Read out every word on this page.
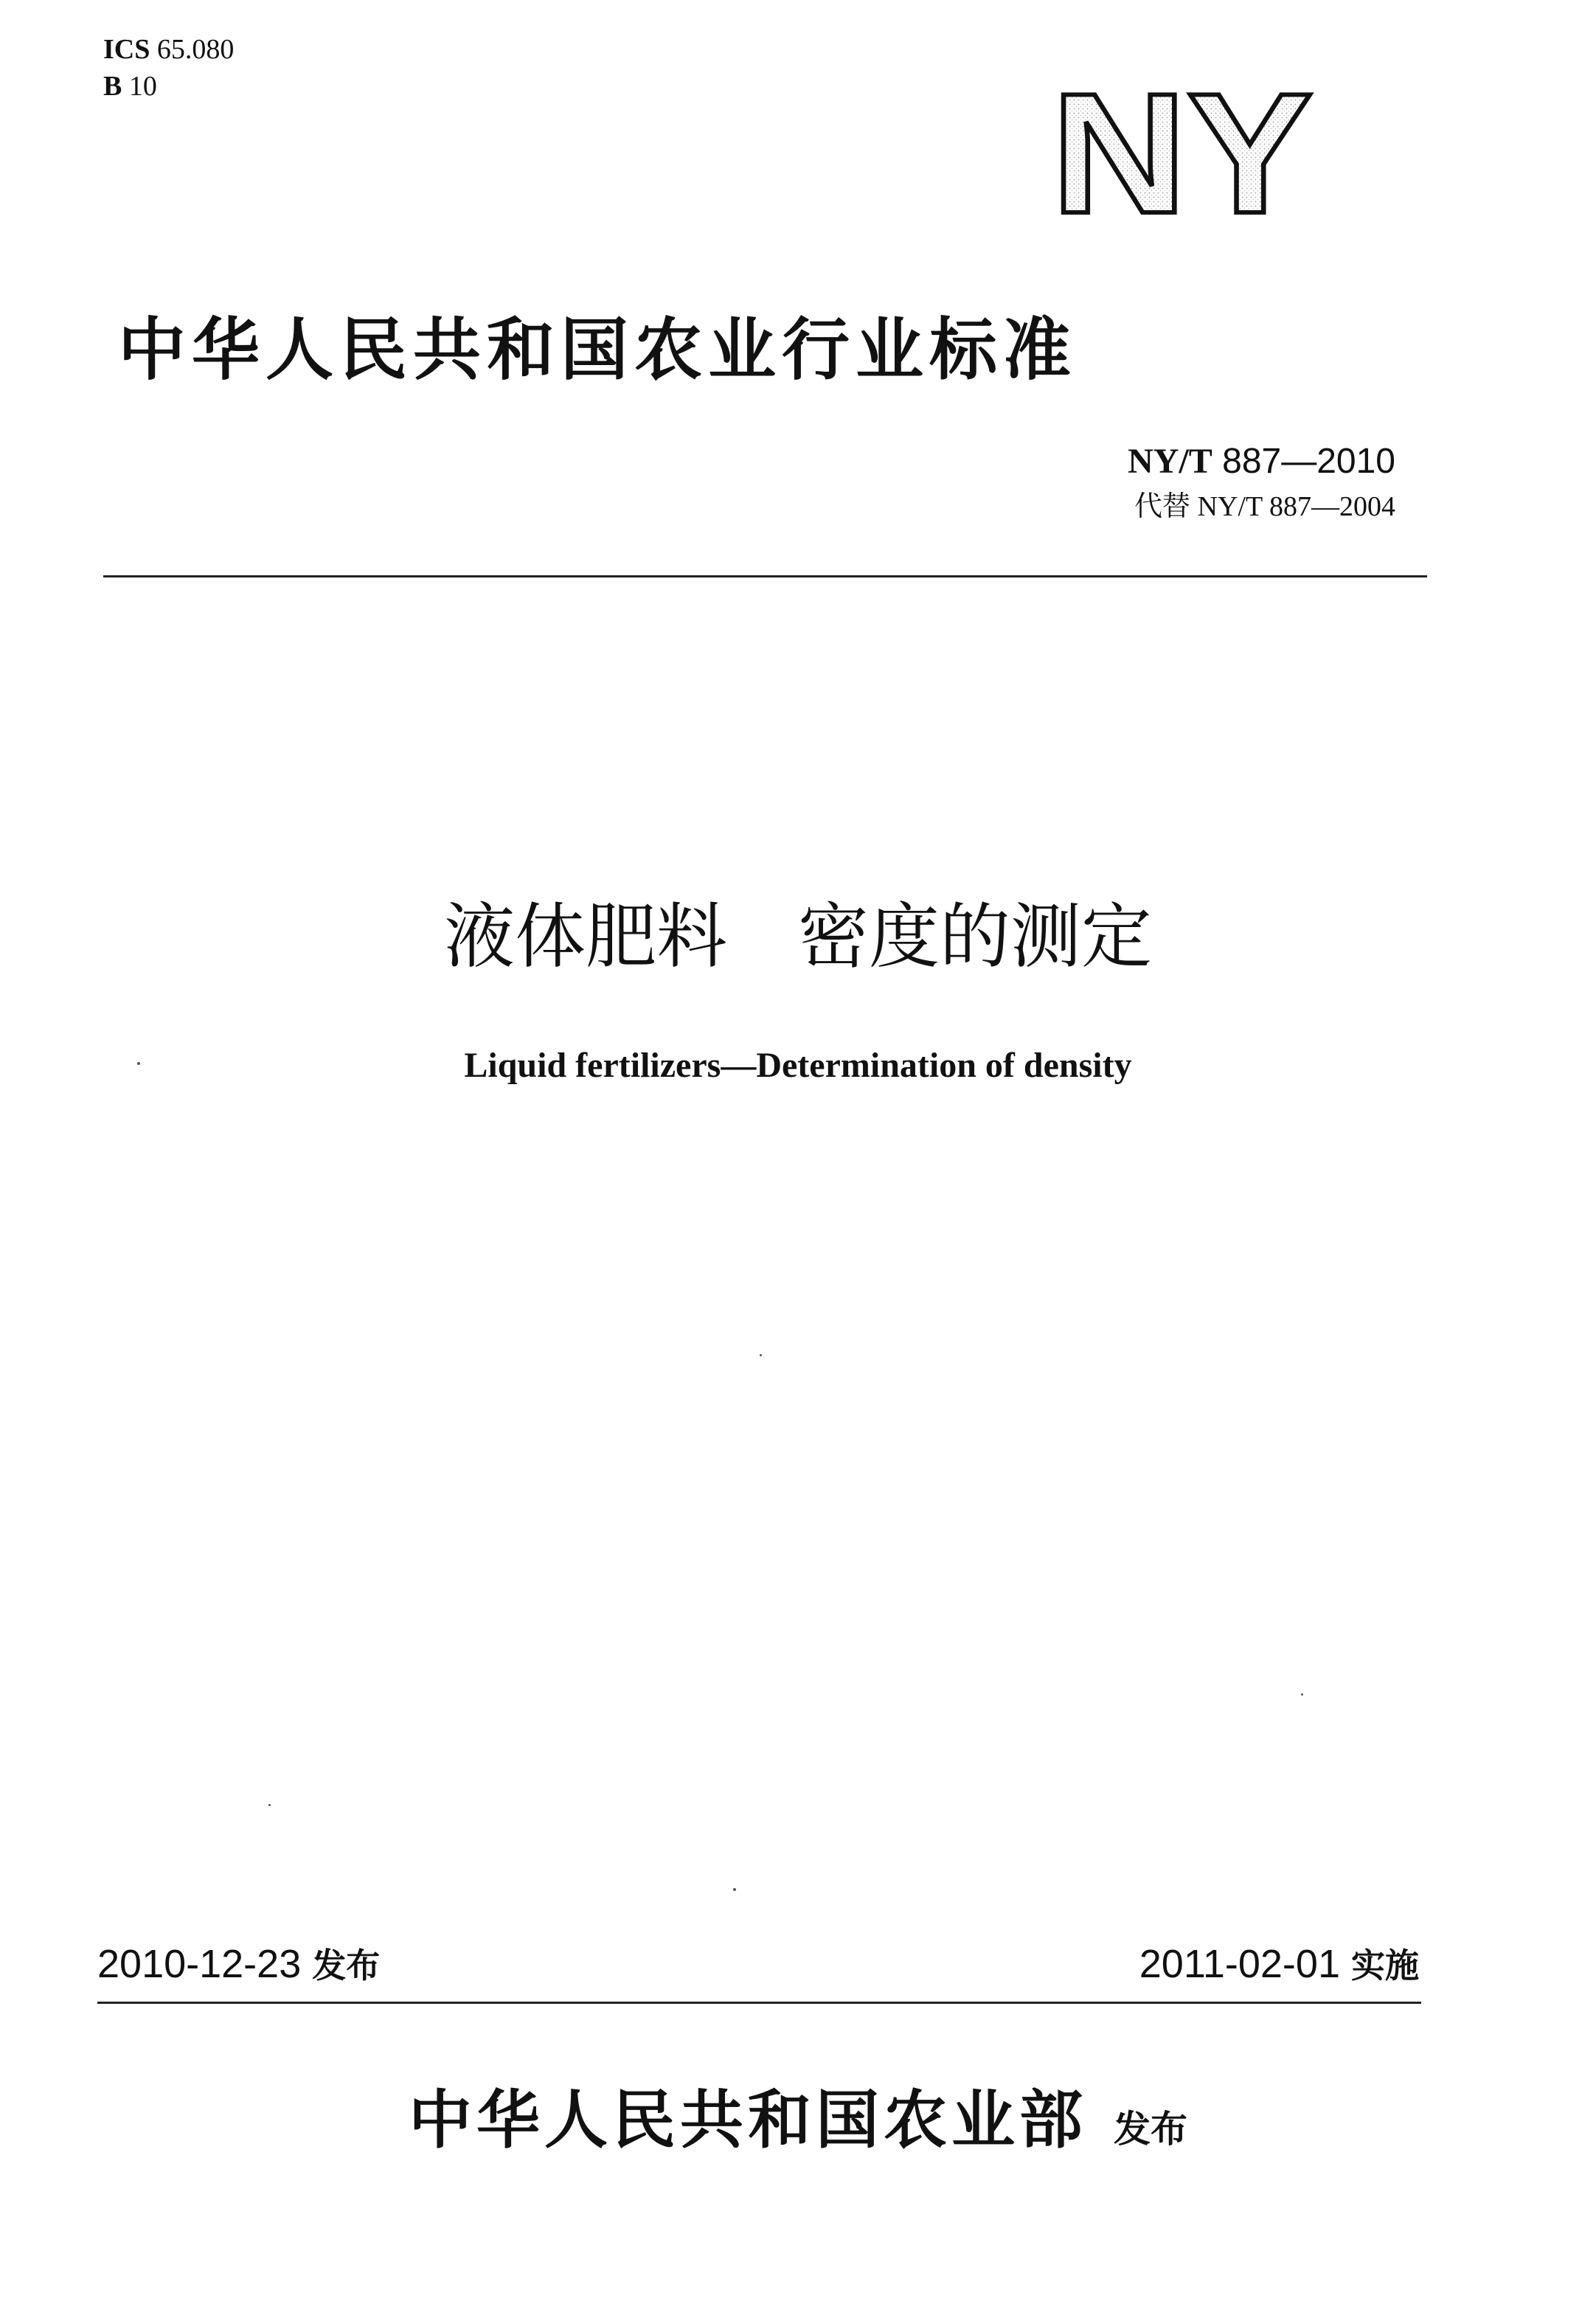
ICS 65.080
B 10	NY
中华人民共和国农业行业标准
NY/T 887—2010
代替 NY/T 887—2004
液体肥料　密度的测定
Liquid fertilizers—Determination of density
2010-12-23 发布	2011-02-01 实施
中华人民共和国农业部 发布
